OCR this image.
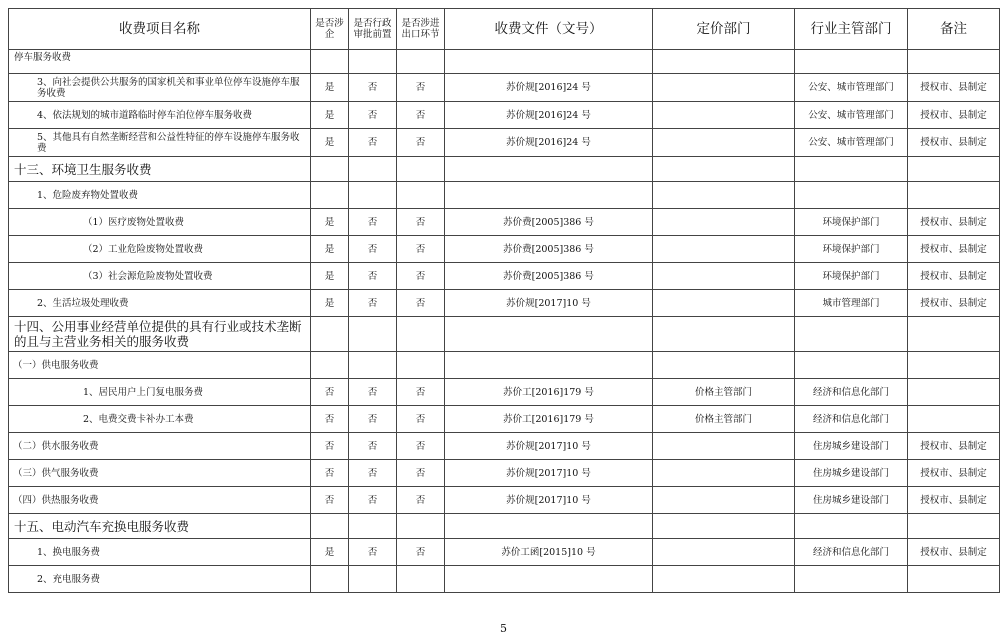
收费项目名称	是否涉企	是否行政审批前置	是否涉进出口环节	收费文件（文号）	定价部门	行业主管部门	备注
停车服务收费							
3、向社会提供公共服务的国家机关和事业单位停车设施停车服务收费	是	否	否	苏价规[2016]24 号		公安、城市管理部门	授权市、县制定
4、依法规划的城市道路临时停车泊位停车服务收费	是	否	否	苏价规[2016]24 号		公安、城市管理部门	授权市、县制定
5、其他具有自然垄断经营和公益性特征的停车设施停车服务收费	是	否	否	苏价规[2016]24 号		公安、城市管理部门	授权市、县制定
十三、环境卫生服务收费							
1、危险废弃物处置收费							
（1）医疗废物处置收费	是	否	否	苏价费[2005]386 号		环境保护部门	授权市、县制定
（2）工业危险废物处置收费	是	否	否	苏价费[2005]386 号		环境保护部门	授权市、县制定
（3）社会源危险废物处置收费	是	否	否	苏价费[2005]386 号		环境保护部门	授权市、县制定
2、生活垃圾处理收费	是	否	否	苏价规[2017]10 号		城市管理部门	授权市、县制定
十四、公用事业经营单位提供的具有行业或技术垄断的且与主营业务相关的服务收费							
（一）供电服务收费							
1、居民用户上门复电服务费	否	否	否	苏价工[2016]179 号	价格主管部门	经济和信息化部门	
2、电费交费卡补办工本费	否	否	否	苏价工[2016]179 号	价格主管部门	经济和信息化部门	
（二）供水服务收费	否	否	否	苏价规[2017]10 号		住房城乡建设部门	授权市、县制定
（三）供气服务收费	否	否	否	苏价规[2017]10 号		住房城乡建设部门	授权市、县制定
（四）供热服务收费	否	否	否	苏价规[2017]10 号		住房城乡建设部门	授权市、县制定
十五、电动汽车充换电服务收费							
1、换电服务费	是	否	否	苏价工函[2015]10 号		经济和信息化部门	授权市、县制定
2、充电服务费							
5
